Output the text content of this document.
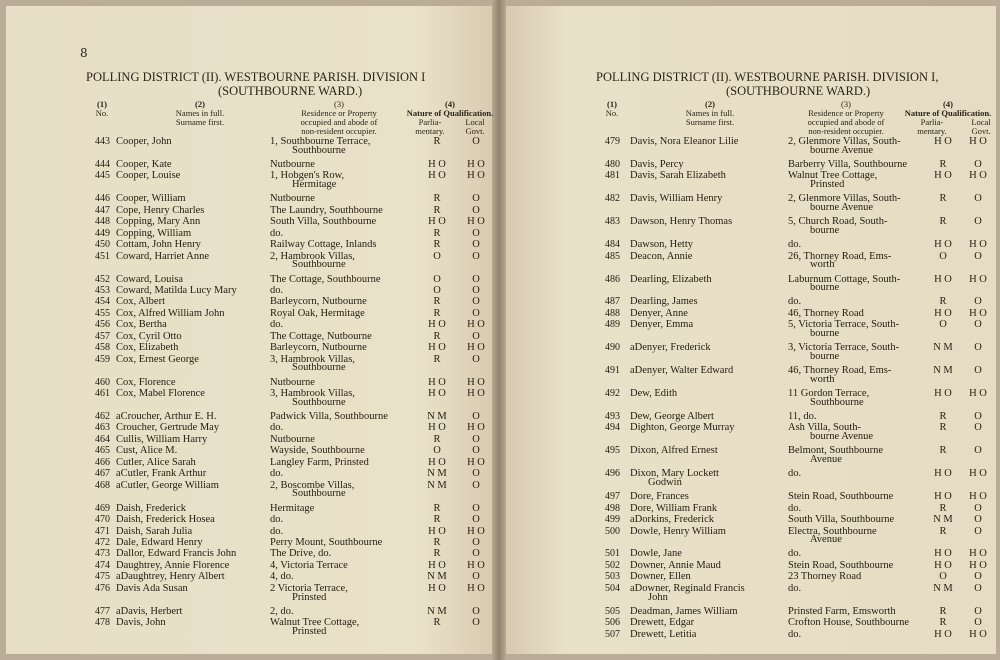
8
POLLING DISTRICT (II). WESTBOURNE PARISH. DIVISION I
(SOUTHBOURNE WARD.)
POLLING DISTRICT (II). WESTBOURNE PARISH. DIVISION I,
(SOUTHBOURNE WARD.)
(1)
No.
(2)
Names in full.
Surname first.
(3)
Residence or Property
occupied and abode of
non-resident occupier.
(4)
Nature of Qualification.
Parlia-
mentary.
Local
Govt.
(1)
No.
(2)
Names in full.
Surname first.
(3)
Residence or Property
occupied and abode of
non-resident occupier.
(4)
Nature of Qualification.
Parlia-
mentary.
Local
Govt.
443 Cooper, John	1, Southbourne Terrace,	R	O
Southbourne
444 Cooper, Kate	Nutbourne	H O	H O
445 Cooper, Louise	1, Hobgen's Row,	H O	H O
Hermitage
446 Cooper, William	Nutbourne	R	O
447 Cope, Henry Charles	The Laundry, Southbourne	R	O
448 Copping, Mary Ann	South Villa, Southbourne	H O	H O
449 Copping, William	do.	R	O
450 Cottam, John Henry	Railway Cottage, Inlands	R	O
451 Coward, Harriet Anne	2, Hambrook Villas,	O	O
Southbourne
452 Coward, Louisa	The Cottage, Southbourne	O	O
453 Coward, Matilda Lucy Mary	do.	O	O
454 Cox, Albert	Barleycorn, Nutbourne	R	O
455 Cox, Alfred William John	Royal Oak, Hermitage	R	O
456 Cox, Bertha	do.	H O	H O
457 Cox, Cyril Otto	The Cottage, Nutbourne	R	O
458 Cox, Elizabeth	Barleycorn, Nutbourne	H O	H O
459 Cox, Ernest George	3, Hambrook Villas,	R	O
Southbourne
460 Cox, Florence	Nutbourne	H O	H O
461 Cox, Mabel Florence	3, Hambrook Villas,	H O	H O
Southbourne
462 aCroucher, Arthur E. H.	Padwick Villa, Southbourne	N M	O
463 Croucher, Gertrude May	do.	H O	H O
464 Cullis, William Harry	Nutbourne	R	O
465 Cust, Alice M.	Wayside, Southbourne	O	O
466 Cutler, Alice Sarah	Langley Farm, Prinsted	H O	H O
467 aCutler, Frank Arthur	do.	N M	O
468 aCutler, George William	2, Boscombe Villas,	N M	O
Southbourne
469 Daish, Frederick	Hermitage	R	O
470 Daish, Frederick Hosea	do.	R	O
471 Daish, Sarah Julia	do.	H O	H O
472 Dale, Edward Henry	Perry Mount, Southbourne	R	O
473 Dallor, Edward Francis John	The Drive, do.	R	O
474 Daughtrey, Annie Florence	4, Victoria Terrace	H O	H O
475 aDaughtrey, Henry Albert	4, do.	N M	O
476 Davis Ada Susan	2 Victoria Terrace,	H O	H O
Prinsted
477 aDavis, Herbert	2, do.	N M	O
478 Davis, John	Walnut Tree Cottage,	R	O
Prinsted
479 Davis, Nora Eleanor Lilie	2, Glenmore Villas, South-	H O	H O
bourne Avenue
480 Davis, Percy	Barberry Villa, Southbourne	R	O
481 Davis, Sarah Elizabeth	Walnut Tree Cottage,	H O	H O
Prinsted
482 Davis, William Henry	2, Glenmore Villas, South-	R	O
bourne Avenue
483 Dawson, Henry Thomas	5, Church Road, South-	R	O
bourne
484 Dawson, Hetty	do.	H O	H O
485 Deacon, Annie	26, Thorney Road, Ems-	O	O
worth
486 Dearling, Elizabeth	Laburnum Cottage, South-	H O	H O
bourne
487 Dearling, James	do.	R	O
488 Denyer, Anne	46, Thorney Road	H O	H O
489 Denyer, Emma	5, Victoria Terrace, South-	O	O
bourne
490 aDenyer, Frederick	3, Victoria Terrace, South-	N M	O
bourne
491 aDenyer, Walter Edward	46, Thorney Road, Ems-	N M	O
worth
492 Dew, Edith	11 Gordon Terrace,	H O	H O
Southbourne
493 Dew, George Albert	11, do.	R	O
494 Dighton, George Murray	Ash Villa, South-	R	O
bourne Avenue
495 Dixon, Alfred Ernest	Belmont, Southbourne	R	O
Avenue
496 Dixon, Mary Lockett	do.	H O	H O
Godwin
497 Dore, Frances	Stein Road, Southbourne	H O	H O
498 Dore, William Frank	do.	R	O
499 aDorkins, Frederick	South Villa, Southbourne	N M	O
500 Dowle, Henry William	Electra, Southbourne	R	O
Avenue
501 Dowle, Jane	do.	H O	H O
502 Downer, Annie Maud	Stein Road, Southbourne	H O	H O
503 Downer, Ellen	23 Thorney Road	O	O
504 aDowner, Reginald Francis	do.	N M	O
John
505 Deadman, James William	Prinsted Farm, Emsworth	R	O
506 Drewett, Edgar	Crofton House, Southbourne	R	O
507 Drewett, Letitia	do.	H O	H O
